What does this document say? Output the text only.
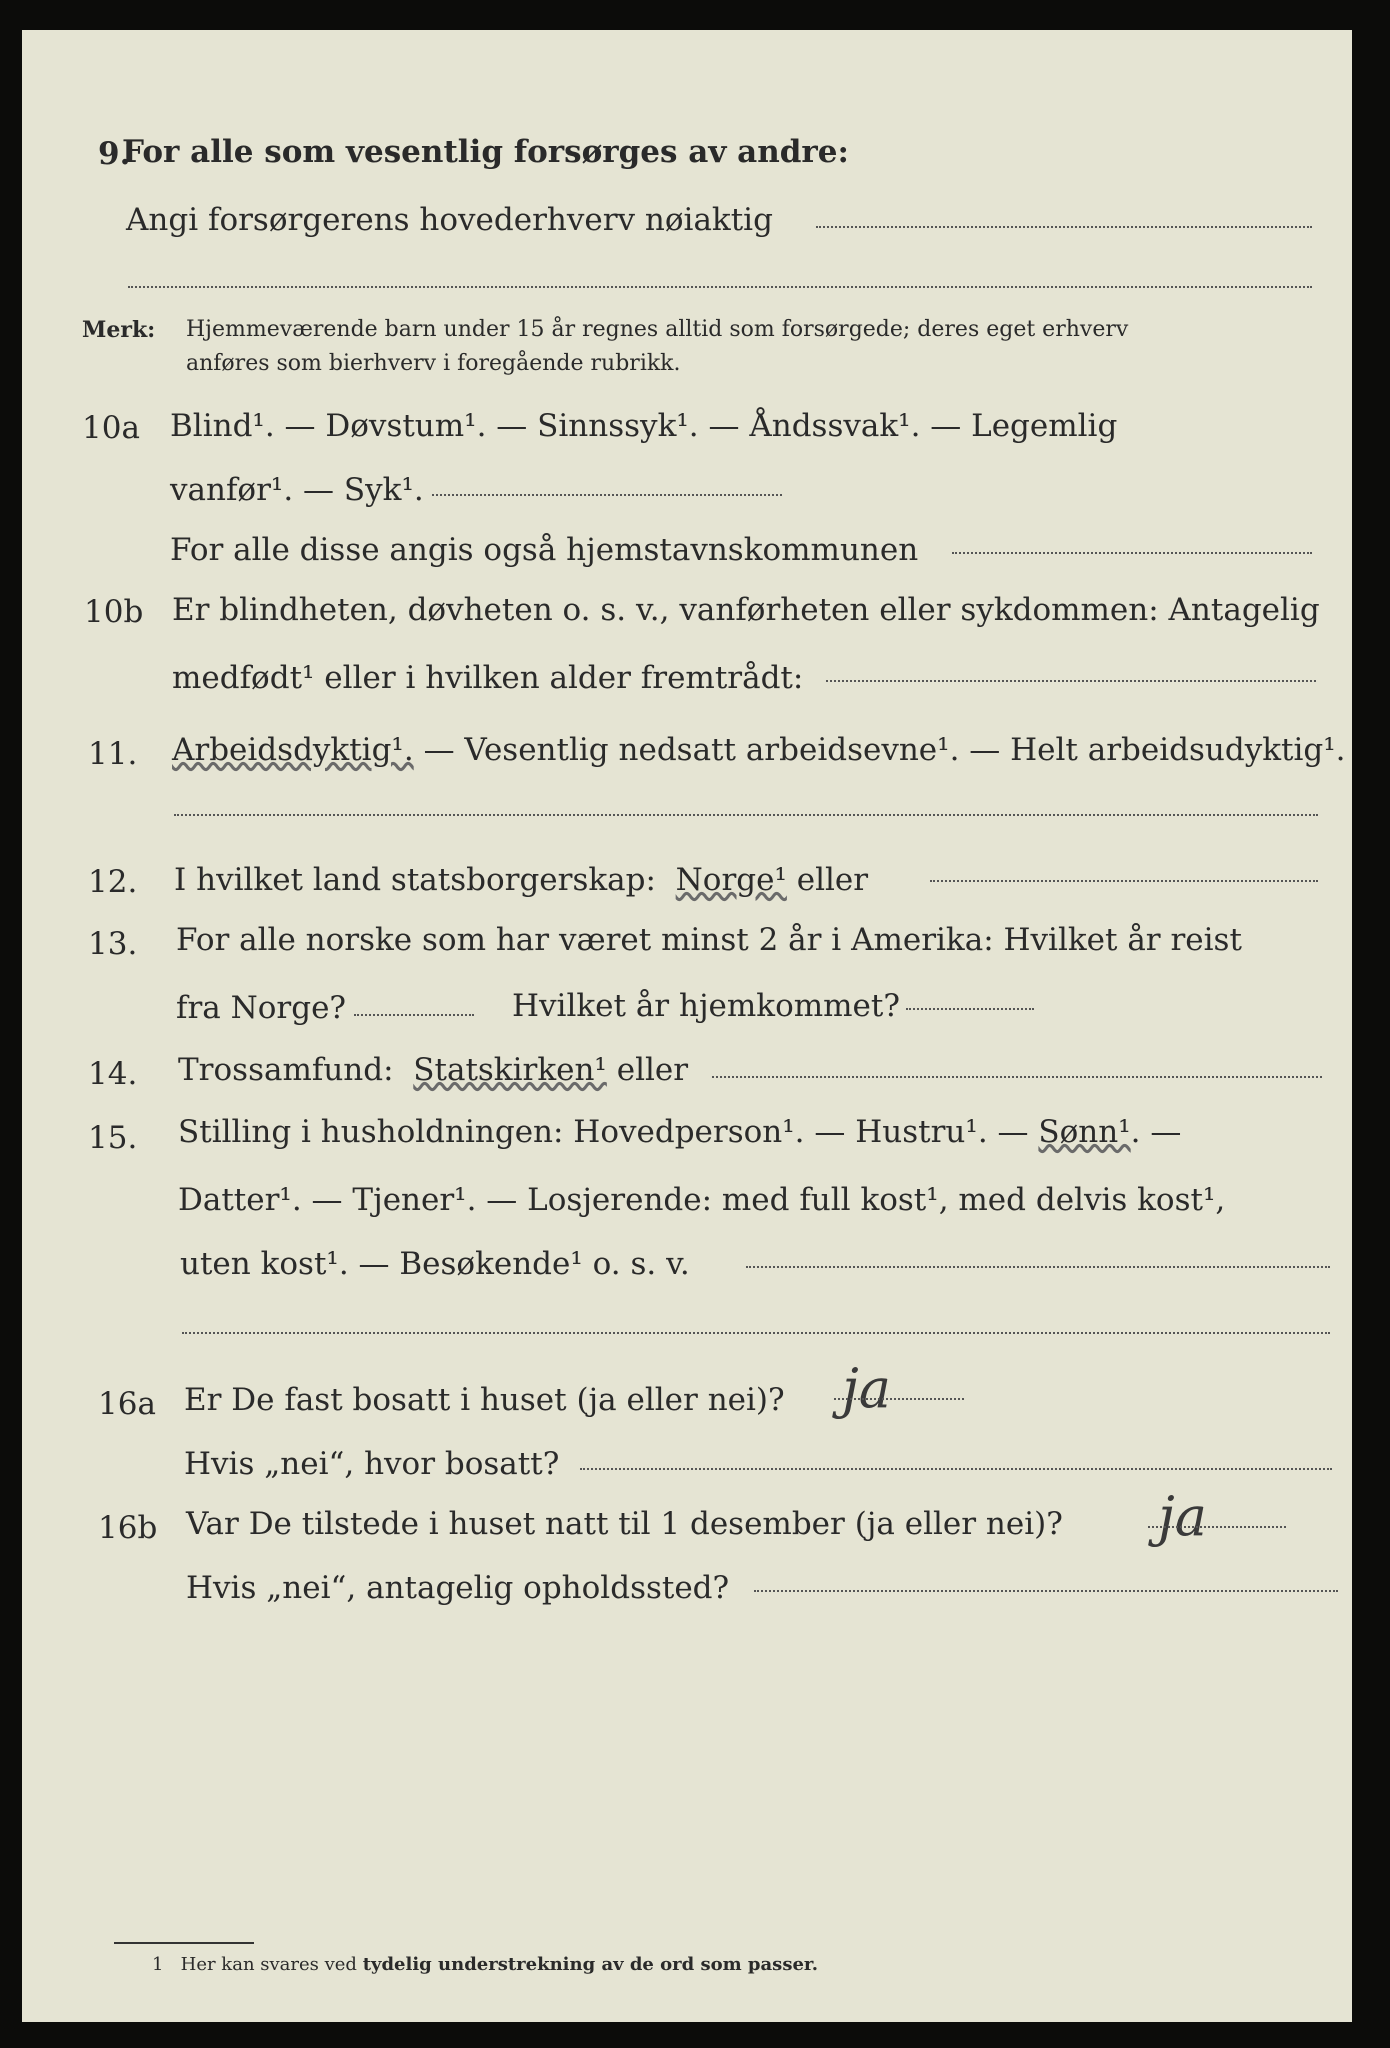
9.
For alle som vesentlig forsørges av andre:
Angi forsørgerens hovederhverv nøiaktig
Merk: Hjemmeværende barn under 15 år regnes alltid som forsørgede; deres eget erhverv
anføres som bierhverv i foregående rubrikk.
10a Blind¹. — Døvstum¹. — Sinnssyk¹. — Åndssvak¹. — Legemlig
vanfør¹. — Syk¹.
For alle disse angis også hjemstavnskommunen
10b Er blindheten, døvheten o. s. v., vanførheten eller sykdommen: Antagelig
medfødt¹ eller i hvilken alder fremtrådt:
11. Arbeidsdyktig¹. — Vesentlig nedsatt arbeidsevne¹. — Helt arbeidsudyktig¹.
12. I hvilket land statsborgerskap: Norge¹ eller
13. For alle norske som har været minst 2 år i Amerika: Hvilket år reist
fra Norge?	Hvilket år hjemkommet?
14. Trossamfund: Statskirken¹ eller
15. Stilling i husholdningen: Hovedperson¹. — Hustru¹. — Sønn¹. —
Datter¹. — Tjener¹. — Losjerende: med full kost¹, med delvis kost¹,
uten kost¹. — Besøkende¹ o. s. v.
16a Er De fast bosatt i huset (ja eller nei)? ja
Hvis „nei“, hvor bosatt?
16b Var De tilstede i huset natt til 1 desember (ja eller nei)? ja
Hvis „nei“, antagelig opholdssted?
1 Her kan svares ved tydelig understrekning av de ord som passer.
